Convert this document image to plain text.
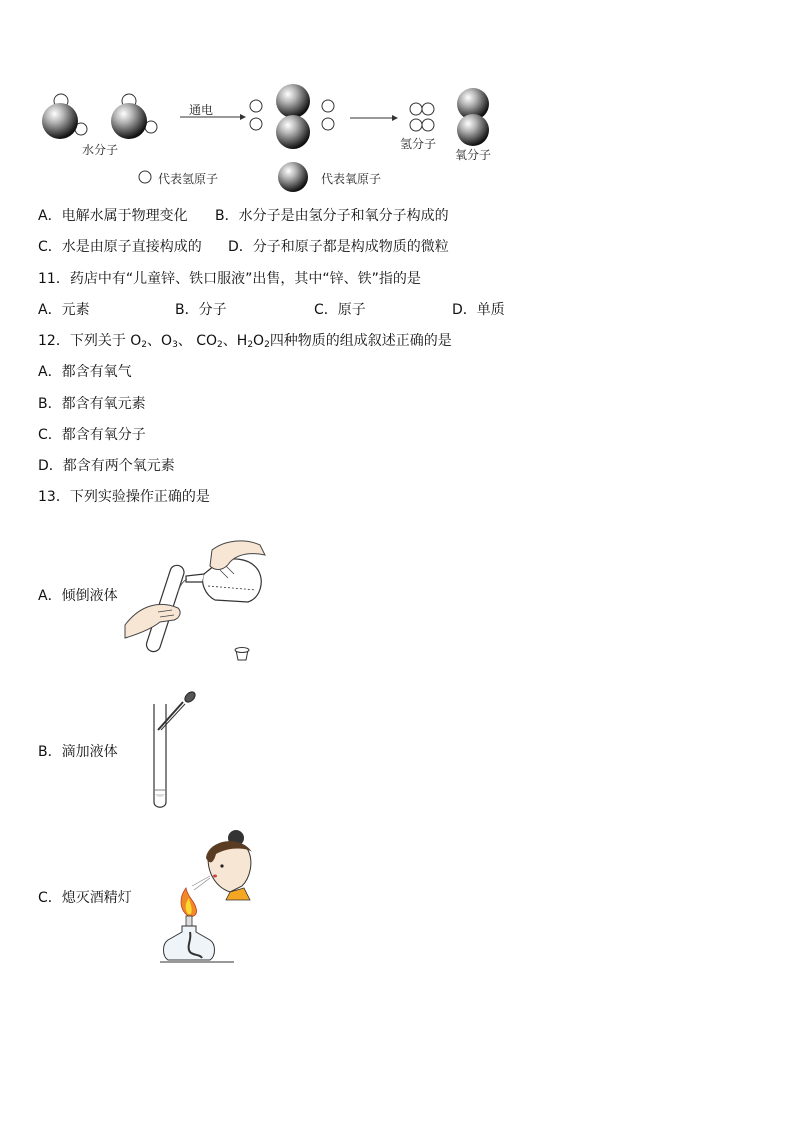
水分子
通电
氢分子
氧分子
代表氢原子	代表氧原子
A．电解水属于物理变化 B．水分子是由氢分子和氧分子构成的
C．水是由原子直接构成的 D．分子和原子都是构成物质的微粒
11．药店中有“儿童锌、铁口服液”出售，其中“锌、铁”指的是
A．元素	B．分子	C．原子	D．单质
12．下列关于 $O_2$、$O_3$、 $CO_2$、$H_2O_2$四种物质的组成叙述正确的是
A．都含有氧气
B．都含有氧元素
C．都含有氧分子
D．都含有两个氧元素
13．下列实验操作正确的是
A．倾倒液体
B．滴加液体
C．熄灭酒精灯
